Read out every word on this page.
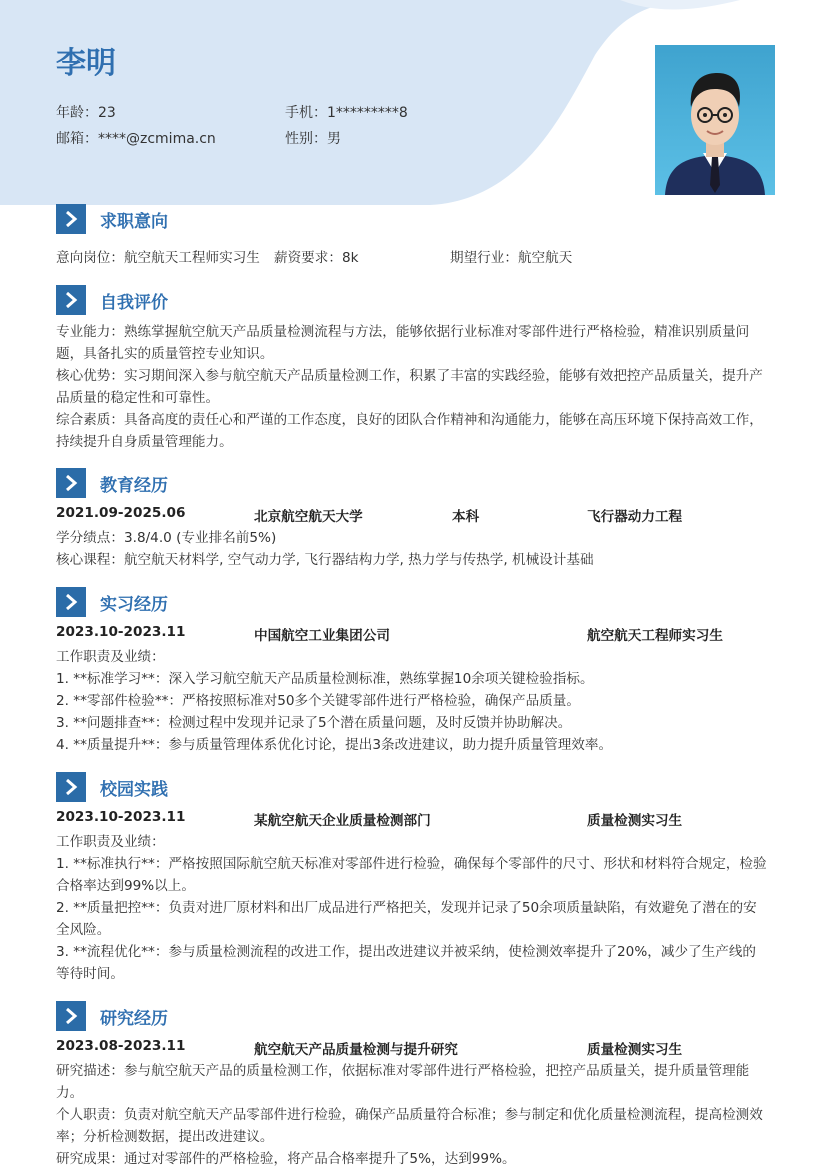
李明
年龄：23	手机：1*********8
邮箱：****@zcmima.cn	性别：男
求职意向
意向岗位：航空航天工程师实习生 薪资要求：8k	期望行业：航空航天
自我评价
专业能力：熟练掌握航空航天产品质量检测流程与方法，能够依据行业标准对零部件进行严格检验，精准识别质量问题，具备扎实的质量管控专业知识。
核心优势：实习期间深入参与航空航天产品质量检测工作，积累了丰富的实践经验，能够有效把控产品质量关，提升产品质量的稳定性和可靠性。
综合素质：具备高度的责任心和严谨的工作态度，良好的团队合作精神和沟通能力，能够在高压环境下保持高效工作，持续提升自身质量管理能力。
教育经历
2021.09-2025.06	北京航空航天大学	本科	飞行器动力工程
学分绩点：3.8/4.0 (专业排名前5%)
核心课程：航空航天材料学, 空气动力学, 飞行器结构力学, 热力学与传热学, 机械设计基础
实习经历
2023.10-2023.11	中国航空工业集团公司	航空航天工程师实习生
工作职责及业绩：
1. **标准学习**：深入学习航空航天产品质量检测标准，熟练掌握10余项关键检验指标。
2. **零部件检验**：严格按照标准对50多个关键零部件进行严格检验，确保产品质量。
3. **问题排查**：检测过程中发现并记录了5个潜在质量问题，及时反馈并协助解决。
4. **质量提升**：参与质量管理体系优化讨论，提出3条改进建议，助力提升质量管理效率。
校园实践
2023.10-2023.11	某航空航天企业质量检测部门	质量检测实习生
工作职责及业绩：
1. **标准执行**：严格按照国际航空航天标准对零部件进行检验，确保每个零部件的尺寸、形状和材料符合规定，检验合格率达到99%以上。
2. **质量把控**：负责对进厂原材料和出厂成品进行严格把关，发现并记录了50余项质量缺陷，有效避免了潜在的安全风险。
3. **流程优化**：参与质量检测流程的改进工作，提出改进建议并被采纳，使检测效率提升了20%，减少了生产线的等待时间。
研究经历
2023.08-2023.11	航空航天产品质量检测与提升研究	质量检测实习生
研究描述：参与航空航天产品的质量检测工作，依据标准对零部件进行严格检验，把控产品质量关，提升质量管理能力。
个人职责：负责对航空航天产品零部件进行检验，确保产品质量符合标准；参与制定和优化质量检测流程，提高检测效率；分析检测数据，提出改进建议。
研究成果：通过对零部件的严格检验，将产品合格率提升了5%，达到99%。
